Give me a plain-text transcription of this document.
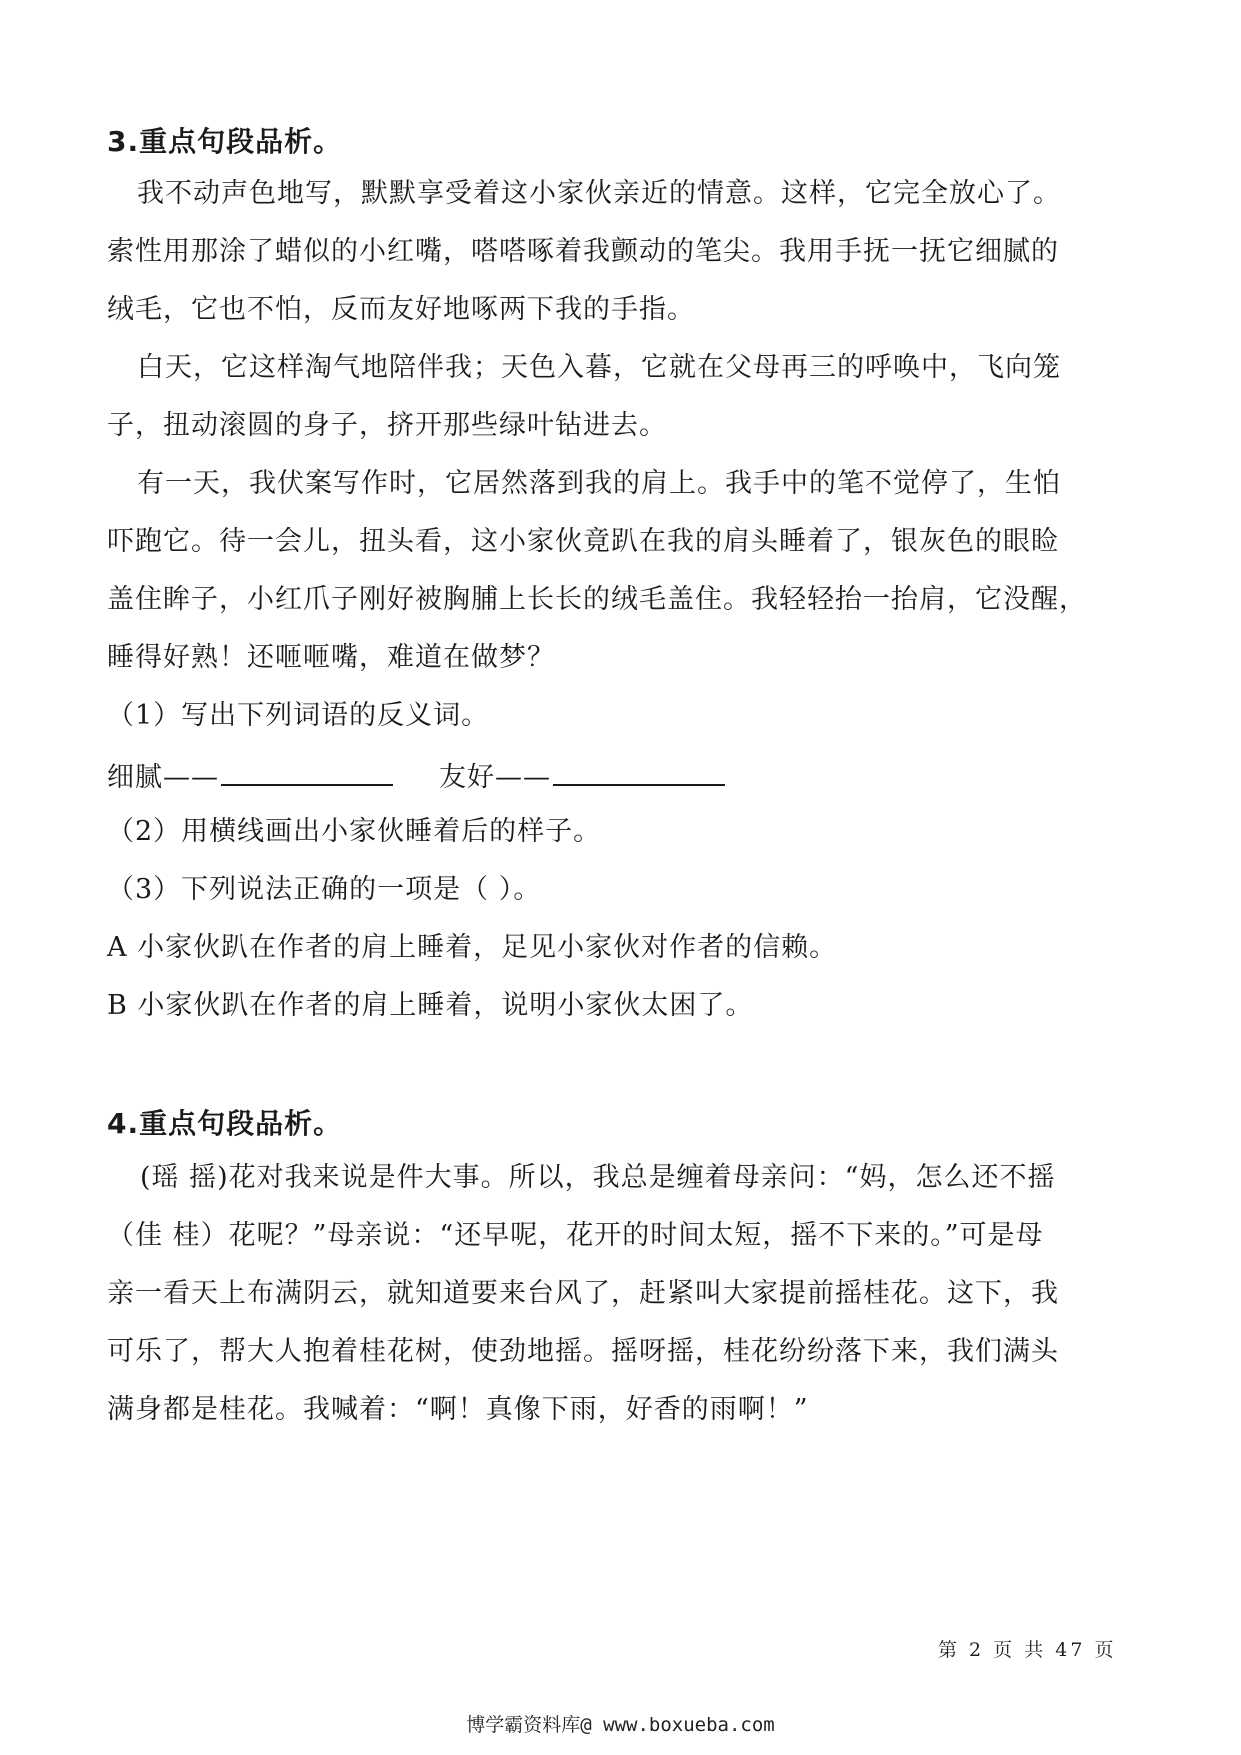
3.重点句段品析。
我不动声色地写，默默享受着这小家伙亲近的情意。这样，它完全放心了。
索性用那涂了蜡似的小红嘴，嗒嗒啄着我颤动的笔尖。我用手抚一抚它细腻的
绒毛，它也不怕，反而友好地啄两下我的手指。
白天，它这样淘气地陪伴我；天色入暮，它就在父母再三的呼唤中，飞向笼
子，扭动滚圆的身子，挤开那些绿叶钻进去。
有一天，我伏案写作时，它居然落到我的肩上。我手中的笔不觉停了，生怕
吓跑它。待一会儿，扭头看，这小家伙竟趴在我的肩头睡着了，银灰色的眼睑
盖住眸子，小红爪子刚好被胸脯上长长的绒毛盖住。我轻轻抬一抬肩，它没醒，
睡得好熟！还咂咂嘴，难道在做梦？
（1）写出下列词语的反义词。
细腻——	友好——
（2）用横线画出小家伙睡着后的样子。
（3）下列说法正确的一项是（ ）。
A 小家伙趴在作者的肩上睡着，足见小家伙对作者的信赖。
B 小家伙趴在作者的肩上睡着，说明小家伙太困了。
4.重点句段品析。
(瑶 摇)花对我来说是件大事。所以，我总是缠着母亲问：“妈，怎么还不摇
（佳 桂）花呢？”母亲说：“还早呢，花开的时间太短，摇不下来的。”可是母
亲一看天上布满阴云，就知道要来台风了，赶紧叫大家提前摇桂花。这下，我
可乐了，帮大人抱着桂花树，使劲地摇。摇呀摇，桂花纷纷落下来，我们满头
满身都是桂花。我喊着：“啊！真像下雨，好香的雨啊！”
第 2 页 共 47 页
博学霸资料库@ www.boxueba.com
